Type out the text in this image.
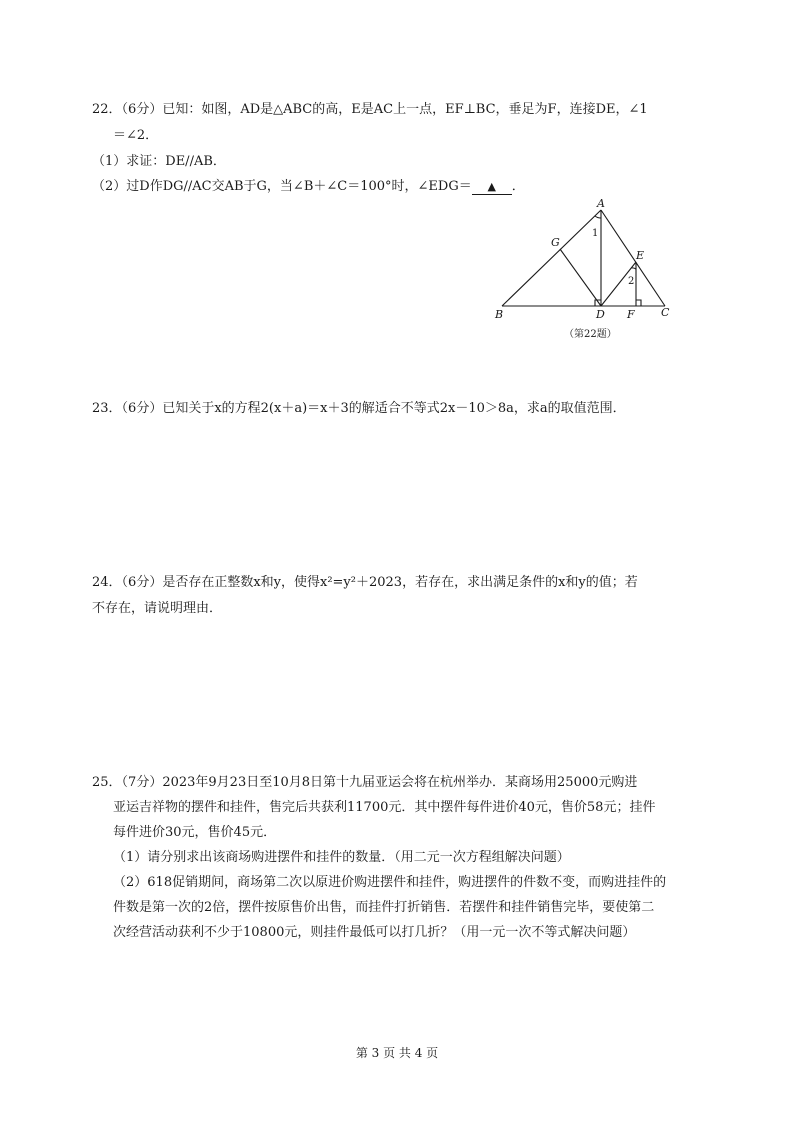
22．（6分）已知：如图，AD是△ABC的高，E是AC上一点，EF⊥BC，垂足为F，连接DE，∠1
＝∠2．
（1）求证：DE//AB．
（2）过D作DG//AC交AB于G，当∠B＋∠C＝100°时，∠EDG＝ ▲ ．
A
B	C
D
E
F
G
1
2
（第22题）
23．（6分）已知关于x的方程2(x＋a)＝x＋3的解适合不等式2x－10＞8a，求a的取值范围．
24．（6分）是否存在正整数x和y，使得x²=y²＋2023，若存在，求出满足条件的x和y的值；若
不存在，请说明理由．
25．（7分）2023年9月23日至10月8日第十九届亚运会将在杭州举办．某商场用25000元购进
亚运吉祥物的摆件和挂件，售完后共获利11700元．其中摆件每件进价40元，售价58元；挂件
每件进价30元，售价45元．
（1）请分别求出该商场购进摆件和挂件的数量．（用二元一次方程组解决问题）
（2）618促销期间，商场第二次以原进价购进摆件和挂件，购进摆件的件数不变，而购进挂件的
件数是第一次的2倍，摆件按原售价出售，而挂件打折销售．若摆件和挂件销售完毕，要使第二
次经营活动获利不少于10800元，则挂件最低可以打几折？（用一元一次不等式解决问题）
第 3 页 共 4 页
